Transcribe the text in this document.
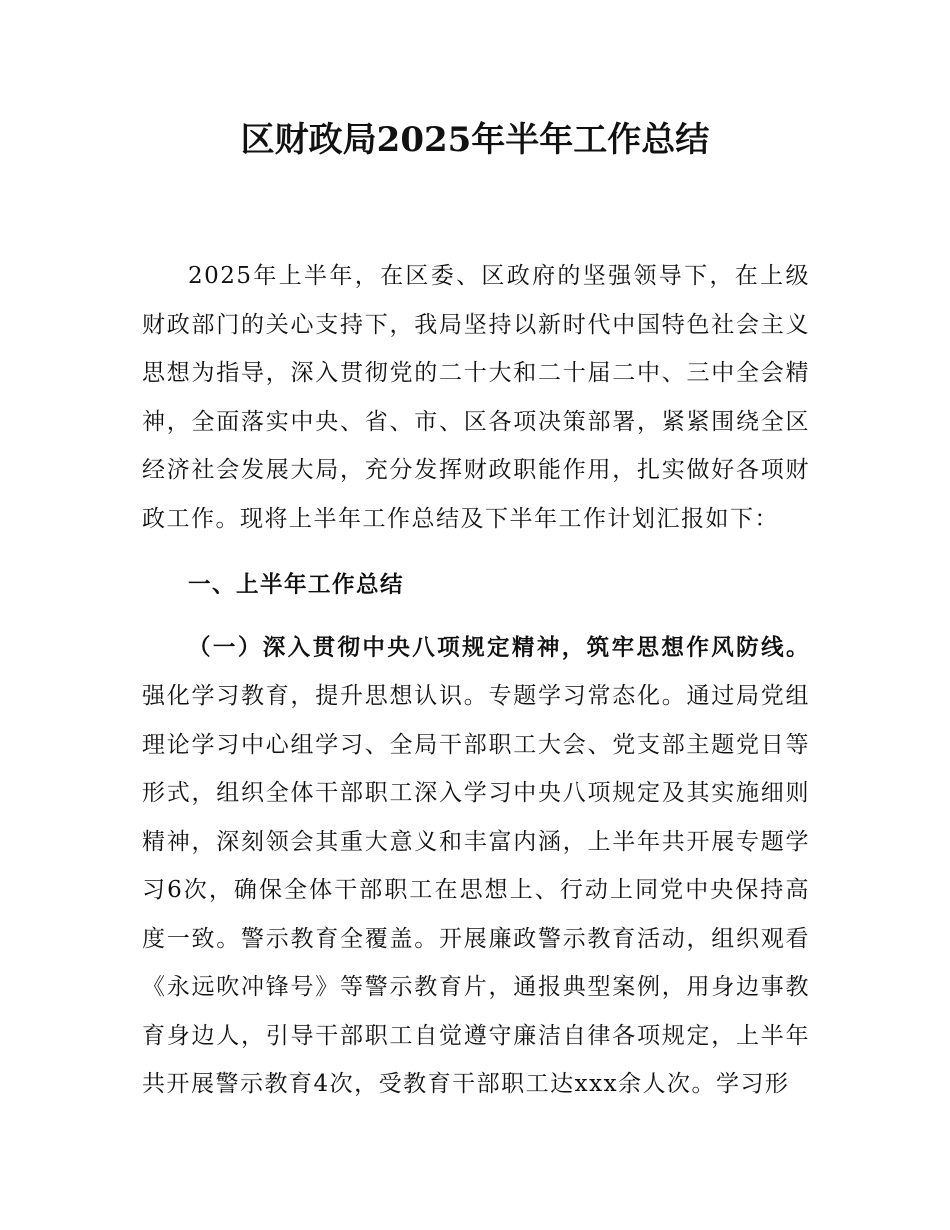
区财政局2025年半年工作总结

2025年上半年，在区委、区政府的坚强领导下，在上级财政部门的关心支持下，我局坚持以新时代中国特色社会主义思想为指导，深入贯彻党的二十大和二十届二中、三中全会精神，全面落实中央、省、市、区各项决策部署，紧紧围绕全区经济社会发展大局，充分发挥财政职能作用，扎实做好各项财政工作。现将上半年工作总结及下半年工作计划汇报如下：

一、上半年工作总结

（一）深入贯彻中央八项规定精神，筑牢思想作风防线。强化学习教育，提升思想认识。专题学习常态化。通过局党组理论学习中心组学习、全局干部职工大会、党支部主题党日等形式，组织全体干部职工深入学习中央八项规定及其实施细则精神，深刻领会其重大意义和丰富内涵，上半年共开展专题学习6次，确保全体干部职工在思想上、行动上同党中央保持高度一致。警示教育全覆盖。开展廉政警示教育活动，组织观看《永远吹冲锋号》等警示教育片，通报典型案例，用身边事教育身边人，引导干部职工自觉遵守廉洁自律各项规定，上半年共开展警示教育4次，受教育干部职工达xxx余人次。学习形
